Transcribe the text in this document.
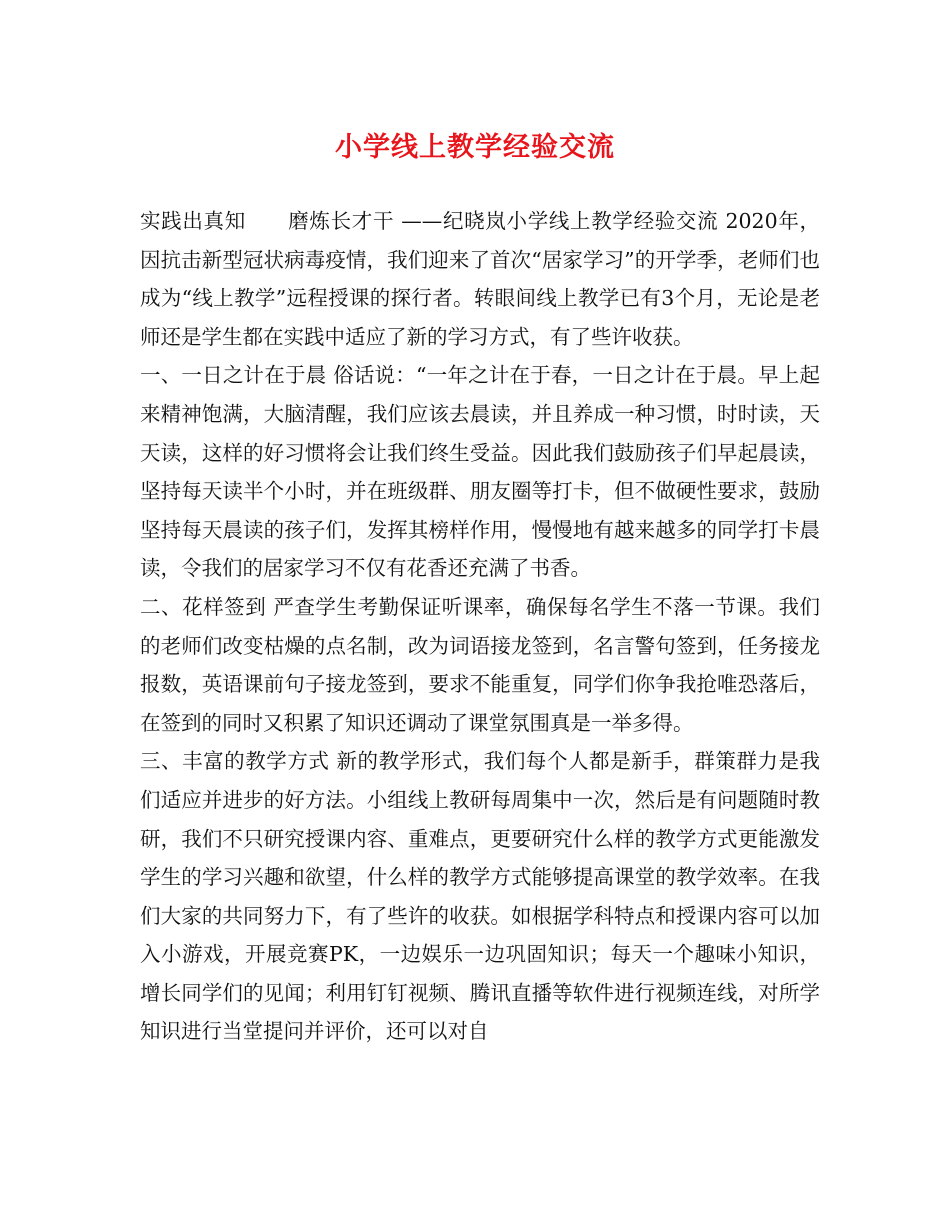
小学线上教学经验交流

实践出真知　　磨炼长才干 ——纪晓岚小学线上教学经验交流 2020年，因抗击新型冠状病毒疫情，我们迎来了首次“居家学习”的开学季，老师们也成为“线上教学”远程授课的探行者。转眼间线上教学已有3个月，无论是老师还是学生都在实践中适应了新的学习方式，有了些许收获。

一、一日之计在于晨 俗话说：“一年之计在于春，一日之计在于晨。早上起来精神饱满，大脑清醒，我们应该去晨读，并且养成一种习惯，时时读，天天读，这样的好习惯将会让我们终生受益。因此我们鼓励孩子们早起晨读，坚持每天读半个小时，并在班级群、朋友圈等打卡，但不做硬性要求，鼓励坚持每天晨读的孩子们，发挥其榜样作用，慢慢地有越来越多的同学打卡晨读，令我们的居家学习不仅有花香还充满了书香。

二、花样签到 严查学生考勤保证听课率，确保每名学生不落一节课。我们的老师们改变枯燥的点名制，改为词语接龙签到，名言警句签到，任务接龙报数，英语课前句子接龙签到，要求不能重复，同学们你争我抢唯恐落后，在签到的同时又积累了知识还调动了课堂氛围真是一举多得。

三、丰富的教学方式 新的教学形式，我们每个人都是新手，群策群力是我们适应并进步的好方法。小组线上教研每周集中一次，然后是有问题随时教研，我们不只研究授课内容、重难点，更要研究什么样的教学方式更能激发学生的学习兴趣和欲望，什么样的教学方式能够提高课堂的教学效率。在我们大家的共同努力下，有了些许的收获。如根据学科特点和授课内容可以加入小游戏，开展竞赛PK，一边娱乐一边巩固知识；每天一个趣味小知识，增长同学们的见闻；利用钉钉视频、腾讯直播等软件进行视频连线，对所学知识进行当堂提问并评价，还可以对自
